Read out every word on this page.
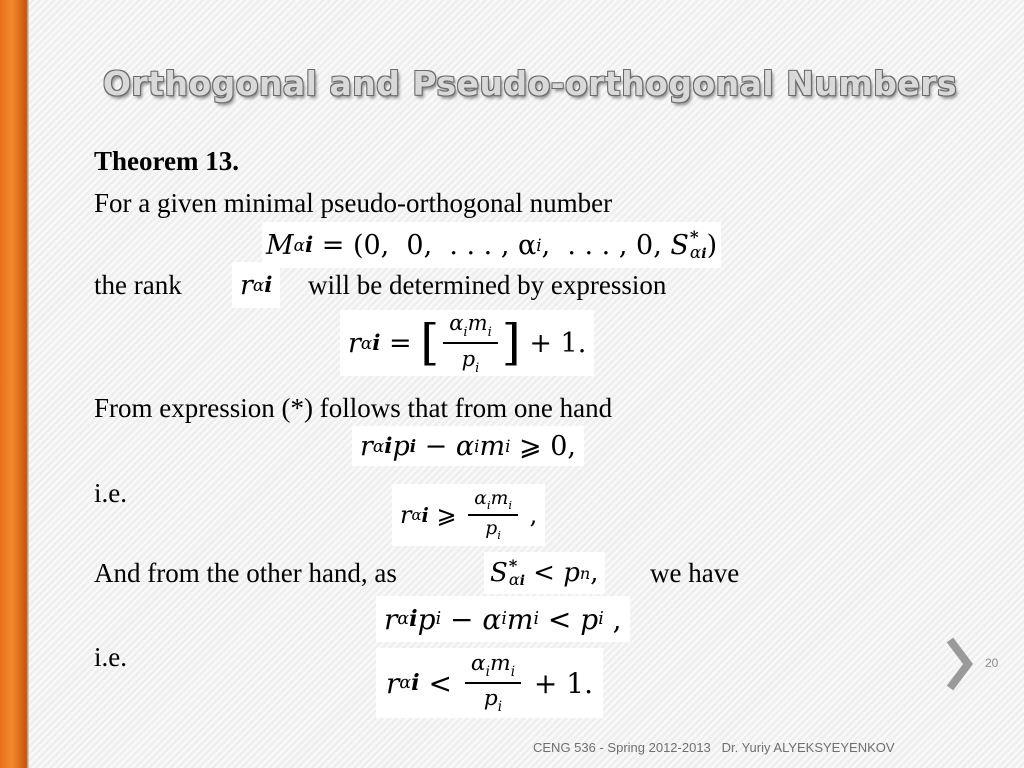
Orthogonal and Pseudo-orthogonal Numbers
Theorem 13.
For a given minimal pseudo-orthogonal number
M α i = (0,  0,  . . . , α i ,  . . . , 0, S *
αi )
the rank r α i will be determined by expression
r α i = [ $\frac{\alpha_im_i}{p_i}$ ] + 1.
From expression (*) follows that from one hand
r α i p i − α i m i ⩾ 0,
i.e.
r α i ⩾ $\frac{\alpha_im_i}{p_i}$ ,
And from the other hand, as	S *
αi < p n , we have
r α i p i − α i m i < p i ,
i.e.
r α $i < \frac{\alpha_im_i}{p_i} + 1$.
20
CENG 536 - Spring 2012-2013   Dr. Yuriy ALYEKSYEYENKOV
